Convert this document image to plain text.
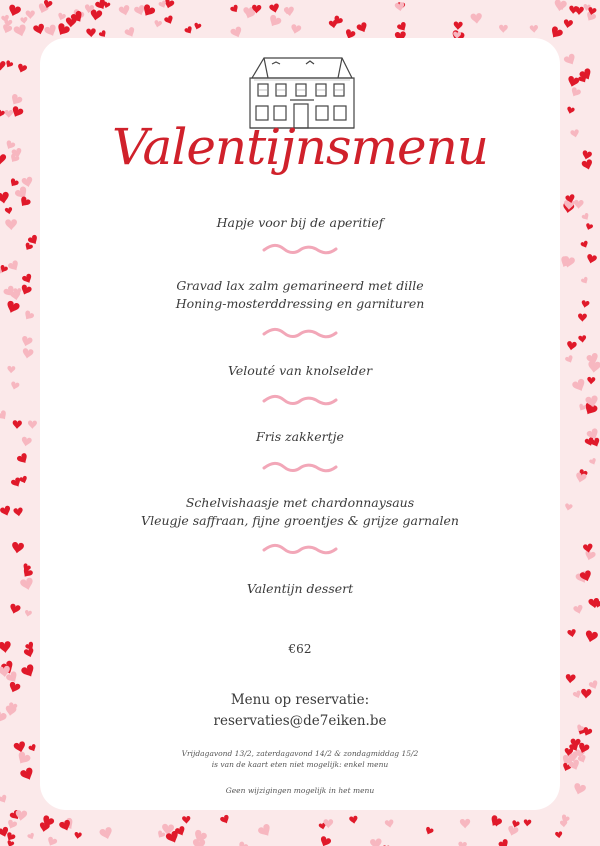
Valentijnsmenu
Hapje voor bij de aperitief
Gravad lax zalm gemarineerd met dille
Honing-mosterddressing en garnituren
Velouté van knolselder
Fris zakkertje
Schelvishaasje met chardonnaysaus
Vleugje saffraan, fijne groentjes & grijze garnalen
Valentijn dessert
€62
Menu op reservatie:
reservaties@de7eiken.be
Vrijdagavond 13/2, zaterdagavond 14/2 & zondagmiddag 15/2
is van de kaart eten niet mogelijk: enkel menu
Geen wijzigingen mogelijk in het menu
